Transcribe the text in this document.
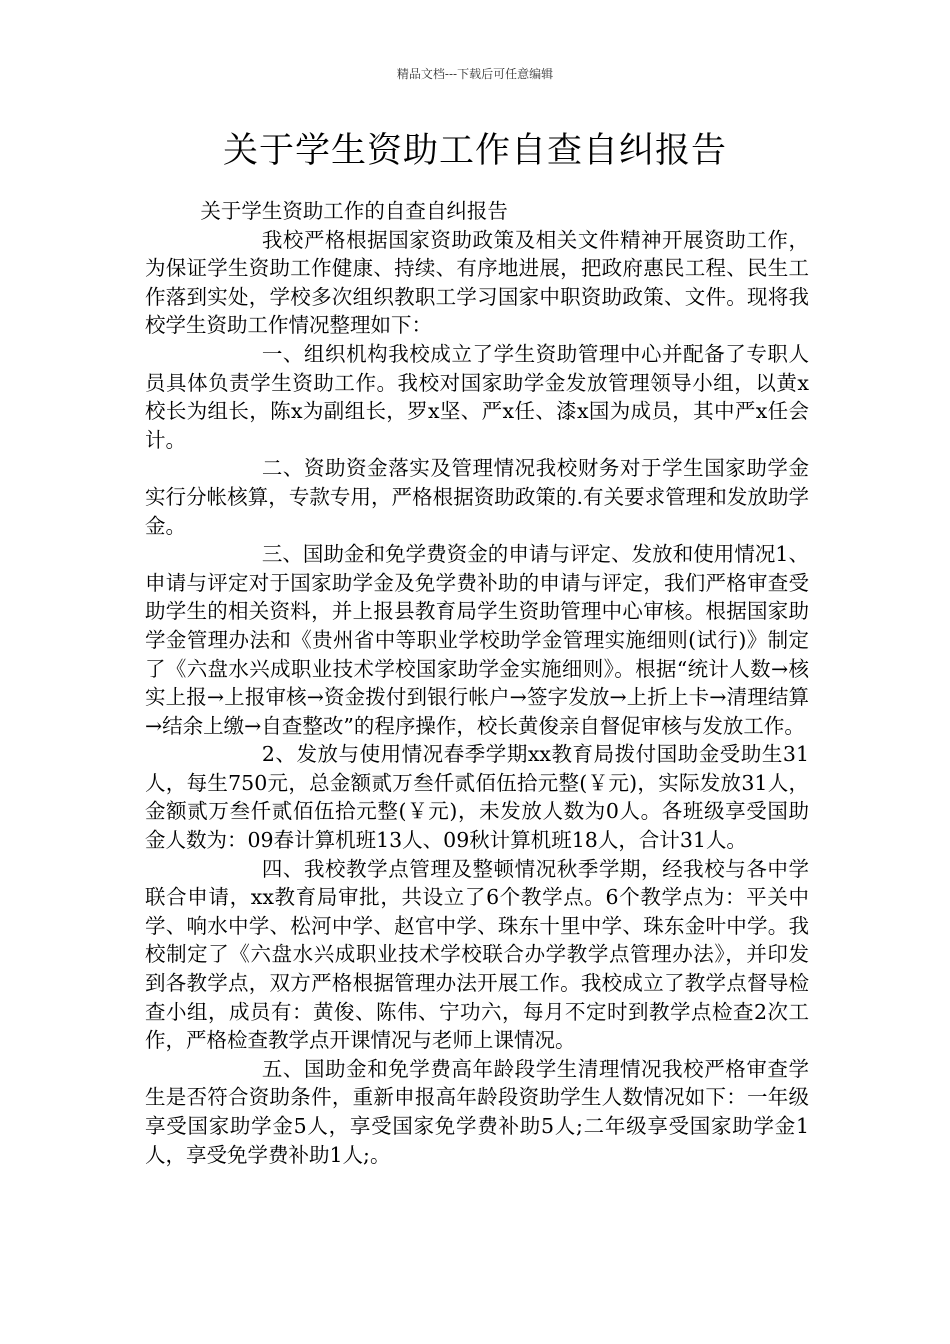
精品文档---下载后可任意编辑
关于学生资助工作自查自纠报告

关于学生资助工作的自查自纠报告

我校严格根据国家资助政策及相关文件精神开展资助工作，为保证学生资助工作健康、持续、有序地进展，把政府惠民工程、民生工作落到实处，学校多次组织教职工学习国家中职资助政策、文件。现将我校学生资助工作情况整理如下：

一、组织机构我校成立了学生资助管理中心并配备了专职人员具体负责学生资助工作。我校对国家助学金发放管理领导小组，以黄x校长为组长，陈x为副组长，罗x坚、严x任、漆x国为成员，其中严x任会计。

二、资助资金落实及管理情况我校财务对于学生国家助学金实行分帐核算，专款专用，严格根据资助政策的.有关要求管理和发放助学金。

三、国助金和免学费资金的申请与评定、发放和使用情况1、申请与评定对于国家助学金及免学费补助的申请与评定，我们严格审查受助学生的相关资料，并上报县教育局学生资助管理中心审核。根据国家助学金管理办法和《贵州省中等职业学校助学金管理实施细则(试行)》制定了《六盘水兴成职业技术学校国家助学金实施细则》。根据“统计人数→核实上报→上报审核→资金拨付到银行帐户→签字发放→上折上卡→清理结算→结余上缴→自查整改”的程序操作，校长黄俊亲自督促审核与发放工作。

2、发放与使用情况春季学期xx教育局拨付国助金受助生31人，每生750元，总金额贰万叁仟贰佰伍拾元整(￥元)，实际发放31人，金额贰万叁仟贰佰伍拾元整(￥元)，未发放人数为0人。各班级享受国助金人数为：09春计算机班13人、09秋计算机班18人，合计31人。

四、我校教学点管理及整顿情况秋季学期，经我校与各中学联合申请，xx教育局审批，共设立了6个教学点。6个教学点为：平关中学、响水中学、松河中学、赵官中学、珠东十里中学、珠东金叶中学。我校制定了《六盘水兴成职业技术学校联合办学教学点管理办法》，并印发到各教学点，双方严格根据管理办法开展工作。我校成立了教学点督导检查小组，成员有：黄俊、陈伟、宁功六，每月不定时到教学点检查2次工作，严格检查教学点开课情况与老师上课情况。

五、国助金和免学费高年龄段学生清理情况我校严格审查学生是否符合资助条件，重新申报高年龄段资助学生人数情况如下：一年级享受国家助学金5人，享受国家免学费补助5人;二年级享受国家助学金1人，享受免学费补助1人;。
